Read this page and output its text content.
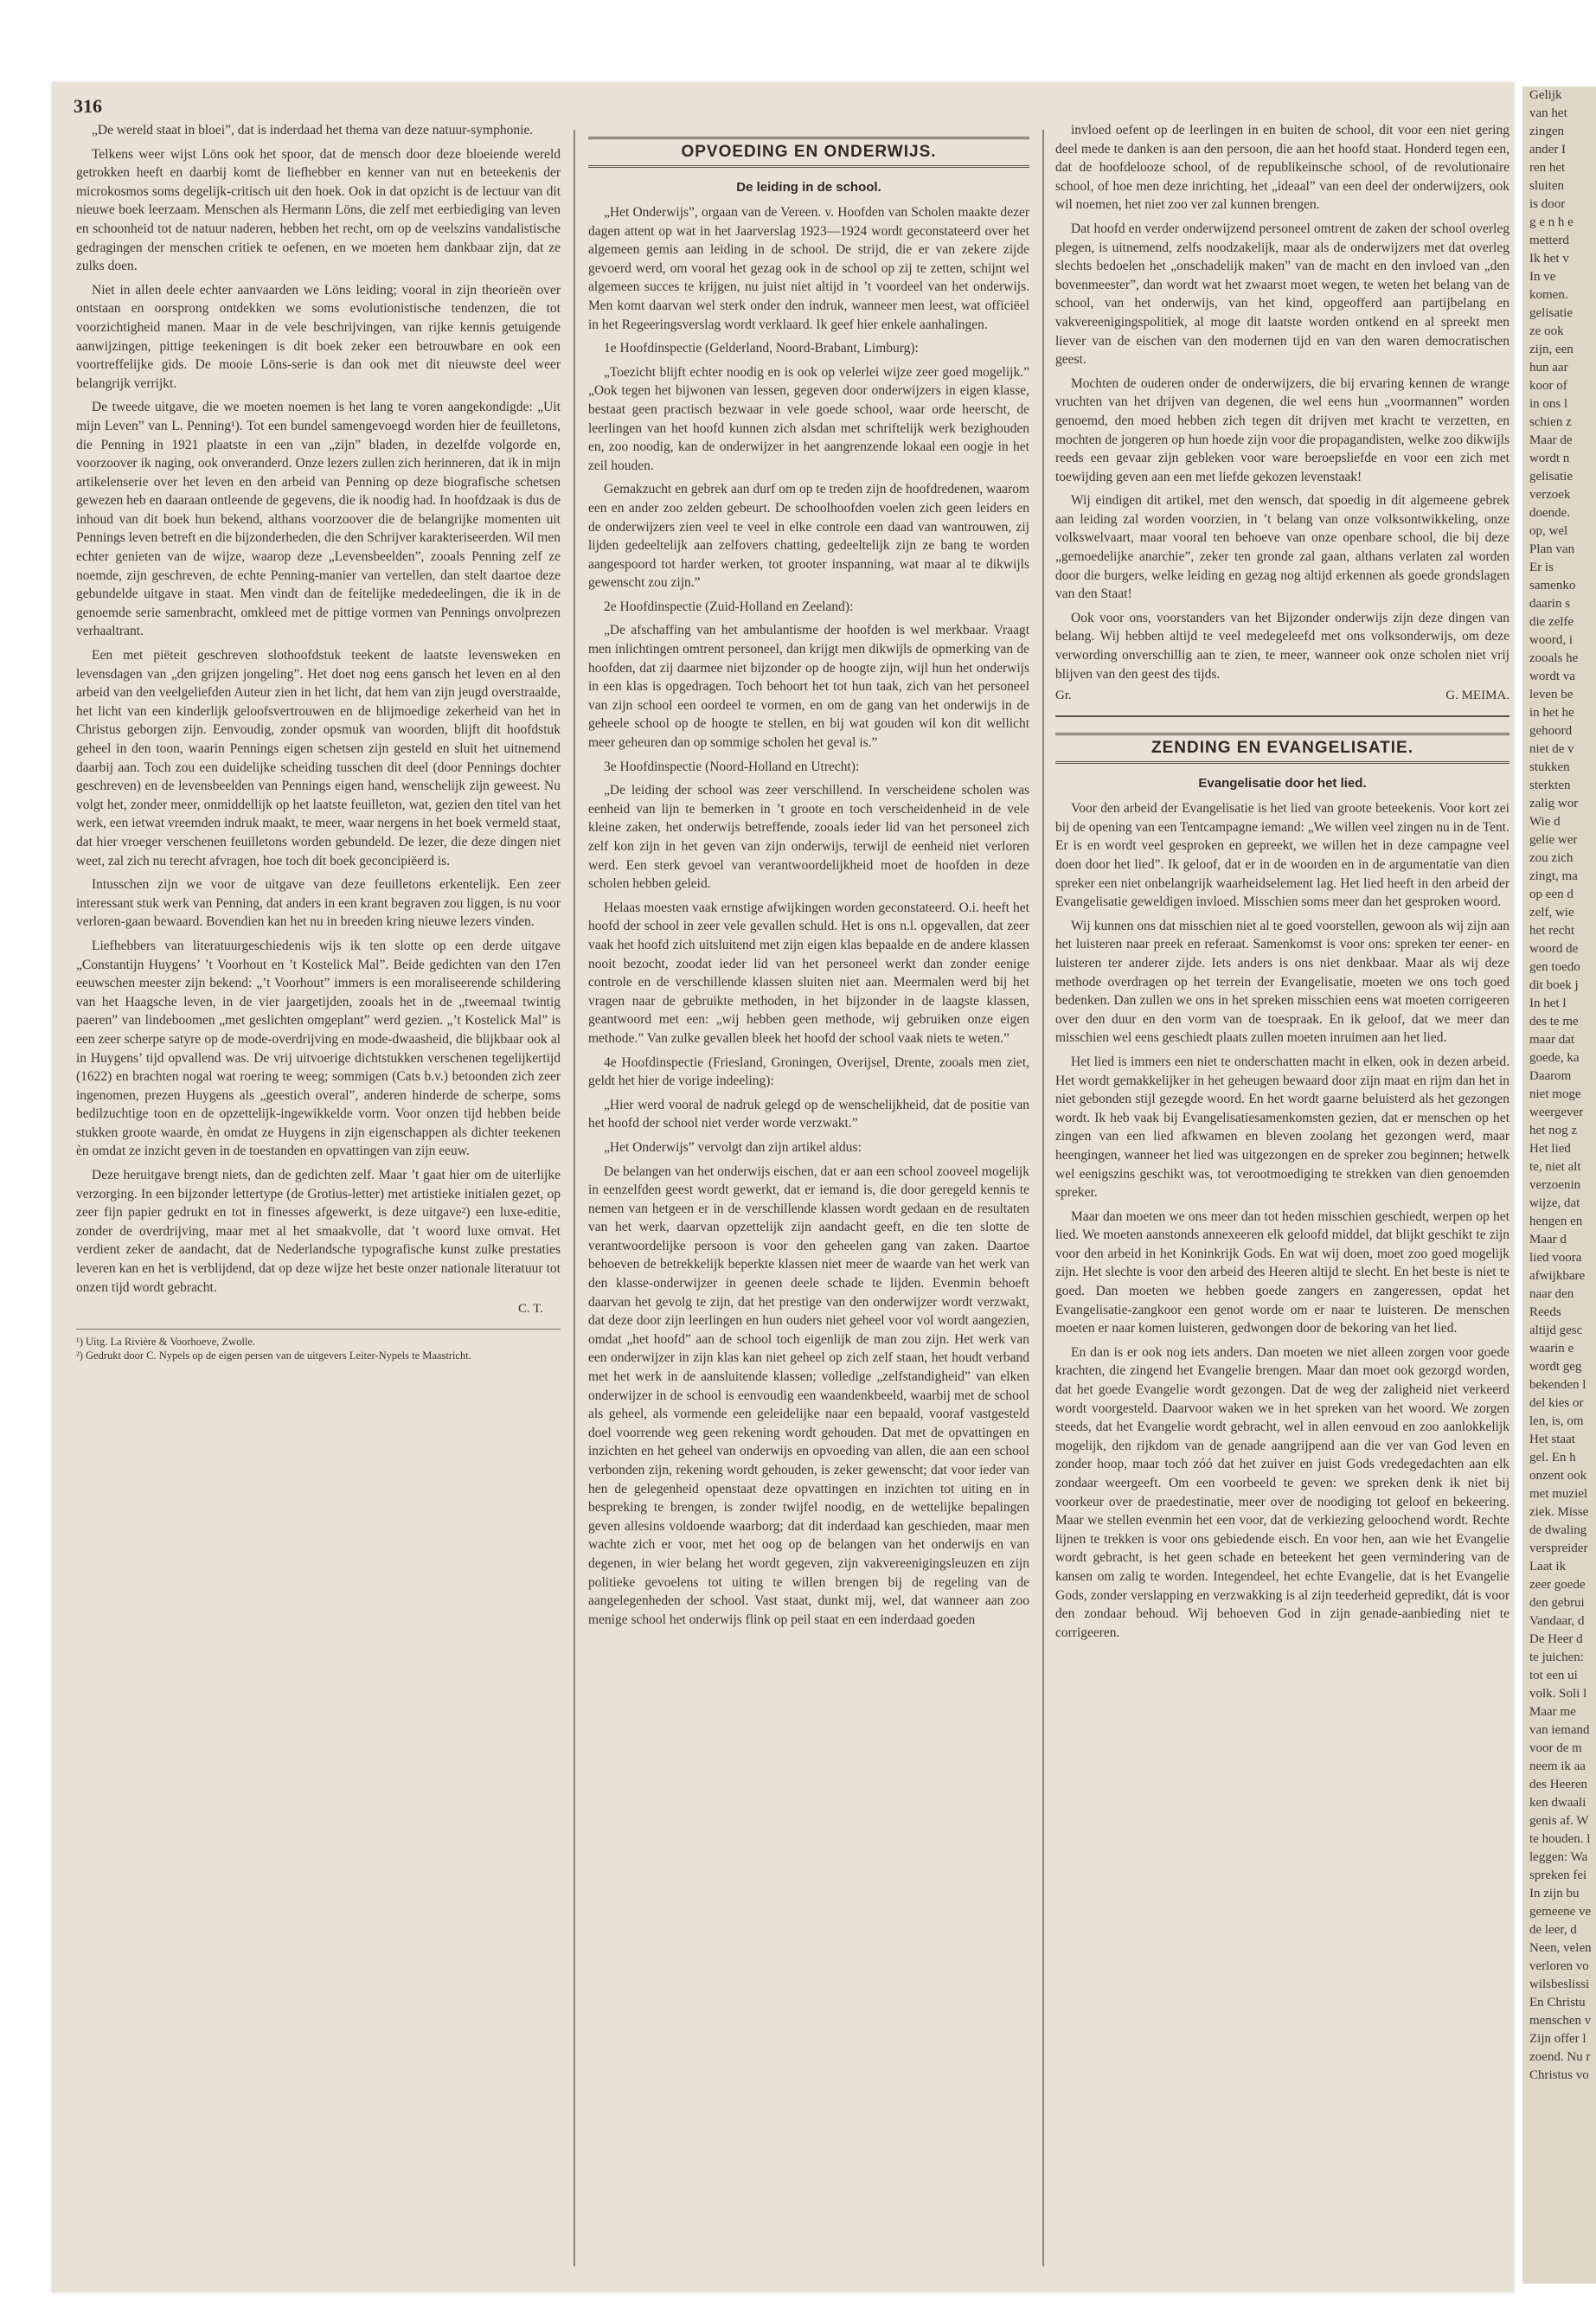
Gelijk
van het
zingen
ander I
ren het
sluiten
is door
g e n h e
metterd
Ik het v
In ve
komen.
gelisatie
ze ook
zijn, een
hun aar
koor of
in ons l
schien z
Maar de
wordt n
gelisatie
verzoek
doende.
op, wel
Plan van
Er is
samenko
daarin s
die zelfe
woord, i
zooals he
wordt va
leven be
in het he
gehoord
niet de v
stukken
sterkten
zalig wor
Wie d
gelie wer
zou zich
zingt, ma
op een d
zelf, wie
het recht
woord de
gen toedo
dit boek j
In het l
des te me
maar dat
goede, ka
Daarom
niet moge
weergever
het nog z
Het lied
te, niet alt
verzoenin
wijze, dat
hengen en
Maar d
lied voora
afwijkbare
naar den
Reeds
altijd gesc
waarin e
wordt geg
bekenden l
del kies or
len, is, om
Het staat
gel. En h
onzent ook
met muziel
ziek. Misse
de dwaling
verspreider
Laat ik
zeer goede
den gebrui
Vandaar, d
De Heer d
te juichen:
tot een ui
volk. Soli l
Maar me
van iemand
voor de m
neem ik aa
des Heeren
ken dwaali
genis af. W
te houden. l
leggen: Wa
spreken fei
In zijn bu
gemeene ve
de leer, d
Neen, velen
verloren vo
wilsbeslissi
En Christu
menschen v
Zijn offer l
zoend. Nu r
Christus vo
316

„De wereld staat in bloei”, dat is inderdaad het thema van deze natuur-symphonie.

Telkens weer wijst Löns ook het spoor, dat de mensch door deze bloeiende wereld getrokken heeft en daarbij komt de liefhebber en kenner van nut en beteekenis der microkosmos soms degelijk-critisch uit den hoek. Ook in dat opzicht is de lectuur van dit nieuwe boek leerzaam. Menschen als Hermann Löns, die zelf met eerbiediging van leven en schoonheid tot de natuur naderen, hebben het recht, om op de veelszins vandalistische gedragingen der menschen critiek te oefenen, en we moeten hem dankbaar zijn, dat ze zulks doen.

Niet in allen deele echter aanvaarden we Löns leiding; vooral in zijn theorieën over ontstaan en oorsprong ontdekken we soms evolutionistische tendenzen, die tot voorzichtigheid manen. Maar in de vele beschrijvingen, van rijke kennis getuigende aanwijzingen, pittige teekeningen is dit boek zeker een betrouwbare en ook een voortreffelijke gids. De mooie Löns-serie is dan ook met dit nieuwste deel weer belangrijk verrijkt.

De tweede uitgave, die we moeten noemen is het lang te voren aangekondigde: „Uit mijn Leven” van L. Penning¹). Tot een bundel samengevoegd worden hier de feuilletons, die Penning in 1921 plaatste in een van „zijn” bladen, in dezelfde volgorde en, voorzoover ik naging, ook onveranderd. Onze lezers zullen zich herinneren, dat ik in mijn artikelenserie over het leven en den arbeid van Penning op deze biografische schetsen gewezen heb en daaraan ontleende de gegevens, die ik noodig had. In hoofdzaak is dus de inhoud van dit boek hun bekend, althans voorzoover die de belangrijke momenten uit Pennings leven betreft en die bijzonderheden, die den Schrijver karakteriseerden. Wil men echter genieten van de wijze, waarop deze „Levensbeelden”, zooals Penning zelf ze noemde, zijn geschreven, de echte Penning-manier van vertellen, dan stelt daartoe deze gebundelde uitgave in staat. Men vindt dan de feitelijke mededeelingen, die ik in de genoemde serie samenbracht, omkleed met de pittige vormen van Pennings onvolprezen verhaaltrant.

Een met piëteit geschreven slothoofdstuk teekent de laatste levensweken en levensdagen van „den grijzen jongeling”. Het doet nog eens gansch het leven en al den arbeid van den veelgeliefden Auteur zien in het licht, dat hem van zijn jeugd overstraalde, het licht van een kinderlijk geloofsvertrouwen en de blijmoedige zekerheid van het in Christus geborgen zijn. Eenvoudig, zonder opsmuk van woorden, blijft dit hoofdstuk geheel in den toon, waarin Pennings eigen schetsen zijn gesteld en sluit het uitnemend daarbij aan. Toch zou een duidelijke scheiding tusschen dit deel (door Pennings dochter geschreven) en de levensbeelden van Pennings eigen hand, wenschelijk zijn geweest. Nu volgt het, zonder meer, onmiddellijk op het laatste feuilleton, wat, gezien den titel van het werk, een ietwat vreemden indruk maakt, te meer, waar nergens in het boek vermeld staat, dat hier vroeger verschenen feuilletons worden gebundeld. De lezer, die deze dingen niet weet, zal zich nu terecht afvragen, hoe toch dit boek geconcipiëerd is.

Intusschen zijn we voor de uitgave van deze feuilletons erkentelijk. Een zeer interessant stuk werk van Penning, dat anders in een krant begraven zou liggen, is nu voor verloren-gaan bewaard. Bovendien kan het nu in breeden kring nieuwe lezers vinden.

Liefhebbers van literatuurgeschiedenis wijs ik ten slotte op een derde uitgave „Constantijn Huygens’ ’t Voorhout en ’t Kostelick Mal”. Beide gedichten van den 17en eeuwschen meester zijn bekend: „’t Voorhout” immers is een moraliseerende schildering van het Haagsche leven, in de vier jaargetijden, zooals het in de „tweemaal twintig paeren” van lindeboomen „met geslichten omgeplant” werd gezien. „’t Kostelick Mal” is een zeer scherpe satyre op de mode-overdrijving en mode-dwaasheid, die blijkbaar ook al in Huygens’ tijd opvallend was. De vrij uitvoerige dichtstukken verschenen tegelijkertijd (1622) en brachten nogal wat roering te weeg; sommigen (Cats b.v.) betoonden zich zeer ingenomen, prezen Huygens als „geestich overal”, anderen hinderde de scherpe, soms bedilzuchtige toon en de opzettelijk-ingewikkelde vorm. Voor onzen tijd hebben beide stukken groote waarde, èn omdat ze Huygens in zijn eigenschappen als dichter teekenen èn omdat ze inzicht geven in de toestanden en opvattingen van zijn eeuw.

Deze heruitgave brengt niets, dan de gedichten zelf. Maar ’t gaat hier om de uiterlijke verzorging. In een bijzonder lettertype (de Grotius-letter) met artistieke initialen gezet, op zeer fijn papier gedrukt en tot in finesses afgewerkt, is deze uitgave²) een luxe-editie, zonder de overdrijving, maar met al het smaakvolle, dat ’t woord luxe omvat. Het verdient zeker de aandacht, dat de Nederlandsche typografische kunst zulke prestaties leveren kan en het is verblijdend, dat op deze wijze het beste onzer nationale literatuur tot onzen tijd wordt gebracht.

C. T.

¹) Uitg. La Rivière & Voorhoeve, Zwolle.

²) Gedrukt door C. Nypels op de eigen persen van de uitgevers Leiter-Nypels te Maastricht.

OPVOEDING EN ONDERWIJS.
De leiding in de school.

„Het Onderwijs”, orgaan van de Vereen. v. Hoofden van Scholen maakte dezer dagen attent op wat in het Jaarverslag 1923—1924 wordt geconstateerd over het algemeen gemis aan leiding in de school. De strijd, die er van zekere zijde gevoerd werd, om vooral het gezag ook in de school op zij te zetten, schijnt wel algemeen succes te krijgen, nu juist niet altijd in ’t voordeel van het onderwijs. Men komt daarvan wel sterk onder den indruk, wanneer men leest, wat officiëel in het Regeeringsverslag wordt verklaard. Ik geef hier enkele aanhalingen.

1e Hoofdinspectie (Gelderland, Noord-Brabant, Limburg):

„Toezicht blijft echter noodig en is ook op velerlei wijze zeer goed mogelijk.” „Ook tegen het bijwonen van lessen, gegeven door onderwijzers in eigen klasse, bestaat geen practisch bezwaar in vele goede school, waar orde heerscht, de leerlingen van het hoofd kunnen zich alsdan met schriftelijk werk bezighouden en, zoo noodig, kan de onderwijzer in het aangrenzende lokaal een oogje in het zeil houden.

Gemakzucht en gebrek aan durf om op te treden zijn de hoofdredenen, waarom een en ander zoo zelden gebeurt. De schoolhoofden voelen zich geen leiders en de onderwijzers zien veel te veel in elke controle een daad van wantrouwen, zij lijden gedeeltelijk aan zelfovers chatting, gedeeltelijk zijn ze bang te worden aangespoord tot harder werken, tot grooter inspanning, wat maar al te dikwijls gewenscht zou zijn.”

2e Hoofdinspectie (Zuid-Holland en Zeeland):

„De afschaffing van het ambulantisme der hoofden is wel merkbaar. Vraagt men inlichtingen omtrent personeel, dan krijgt men dikwijls de opmerking van de hoofden, dat zij daarmee niet bijzonder op de hoogte zijn, wijl hun het onderwijs in een klas is opgedragen. Toch behoort het tot hun taak, zich van het personeel van zijn school een oordeel te vormen, en om de gang van het onderwijs in de geheele school op de hoogte te stellen, en bij wat gouden wil kon dit wellicht meer geheuren dan op sommige scholen het geval is.”

3e Hoofdinspectie (Noord-Holland en Utrecht):

„De leiding der school was zeer verschillend. In verscheidene scholen was eenheid van lijn te bemerken in ’t groote en toch verscheidenheid in de vele kleine zaken, het onderwijs betreffende, zooals ieder lid van het personeel zich zelf kon zijn in het geven van zijn onderwijs, terwijl de eenheid niet verloren werd. Een sterk gevoel van verantwoordelijkheid moet de hoofden in deze scholen hebben geleid.

Helaas moesten vaak ernstige afwijkingen worden geconstateerd. O.i. heeft het hoofd der school in zeer vele gevallen schuld. Het is ons n.l. opgevallen, dat zeer vaak het hoofd zich uitsluitend met zijn eigen klas bepaalde en de andere klassen nooit bezocht, zoodat ieder lid van het personeel werkt dan zonder eenige controle en de verschillende klassen sluiten niet aan. Meermalen werd bij het vragen naar de gebruikte methoden, in het bijzonder in de laagste klassen, geantwoord met een: „wij hebben geen methode, wij gebruiken onze eigen methode.” Van zulke gevallen bleek het hoofd der school vaak niets te weten.”

4e Hoofdinspectie (Friesland, Groningen, Overijsel, Drente, zooals men ziet, geldt het hier de vorige indeeling):

„Hier werd vooral de nadruk gelegd op de wenschelijkheid, dat de positie van het hoofd der school niet verder worde verzwakt.”

„Het Onderwijs” vervolgt dan zijn artikel aldus:

De belangen van het onderwijs eischen, dat er aan een school zooveel mogelijk in eenzelfden geest wordt gewerkt, dat er iemand is, die door geregeld kennis te nemen van hetgeen er in de verschillende klassen wordt gedaan en de resultaten van het werk, daarvan opzettelijk zijn aandacht geeft, en die ten slotte de verantwoordelijke persoon is voor den geheelen gang van zaken. Daartoe behoeven de betrekkelijk beperkte klassen niet meer de waarde van het werk van den klasse-onderwijzer in geenen deele schade te lijden. Evenmin behoeft daarvan het gevolg te zijn, dat het prestige van den onderwijzer wordt verzwakt, dat deze door zijn leerlingen en hun ouders niet geheel voor vol wordt aangezien, omdat „het hoofd” aan de school toch eigenlijk de man zou zijn. Het werk van een onderwijzer in zijn klas kan niet geheel op zich zelf staan, het houdt verband met het werk in de aansluitende klassen; volledige „zelfstandigheid” van elken onderwijzer in de school is eenvoudig een waandenkbeeld, waarbij met de school als geheel, als vormende een geleidelijke naar een bepaald, vooraf vastgesteld doel voorrende weg geen rekening wordt gehouden. Dat met de opvattingen en inzichten en het geheel van onderwijs en opvoeding van allen, die aan een school verbonden zijn, rekening wordt gehouden, is zeker gewenscht; dat voor ieder van hen de gelegenheid openstaat deze opvattingen en inzichten tot uiting en in bespreking te brengen, is zonder twijfel noodig, en de wettelijke bepalingen geven allesins voldoende waarborg; dat dit inderdaad kan geschieden, maar men wachte zich er voor, met het oog op de belangen van het onderwijs en van degenen, in wier belang het wordt gegeven, zijn vakvereenigingsleuzen en zijn politieke gevoelens tot uiting te willen brengen bij de regeling van de aangelegenheden der school. Vast staat, dunkt mij, wel, dat wanneer aan zoo menige school het onderwijs flink op peil staat en een inderdaad goeden

invloed oefent op de leerlingen in en buiten de school, dit voor een niet gering deel mede te danken is aan den persoon, die aan het hoofd staat. Honderd tegen een, dat de hoofdelooze school, of de republikeinsche school, of de revolutionaire school, of hoe men deze inrichting, het „ideaal” van een deel der onderwijzers, ook wil noemen, het niet zoo ver zal kunnen brengen.

Dat hoofd en verder onderwijzend personeel omtrent de zaken der school overleg plegen, is uitnemend, zelfs noodzakelijk, maar als de onderwijzers met dat overleg slechts bedoelen het „onschadelijk maken” van de macht en den invloed van „den bovenmeester”, dan wordt wat het zwaarst moet wegen, te weten het belang van de school, van het onderwijs, van het kind, opgeofferd aan partijbelang en vakvereenigingspolitiek, al moge dit laatste worden ontkend en al spreekt men liever van de eischen van den modernen tijd en van den waren democratischen geest.

Mochten de ouderen onder de onderwijzers, die bij ervaring kennen de wrange vruchten van het drijven van degenen, die wel eens hun „voormannen” worden genoemd, den moed hebben zich tegen dit drijven met kracht te verzetten, en mochten de jongeren op hun hoede zijn voor die propagandisten, welke zoo dikwijls reeds een gevaar zijn gebleken voor ware beroepsliefde en voor een zich met toewijding geven aan een met liefde gekozen levenstaak!

Wij eindigen dit artikel, met den wensch, dat spoedig in dit algemeene gebrek aan leiding zal worden voorzien, in ’t belang van onze volksontwikkeling, onze volkswelvaart, maar vooral ten behoeve van onze openbare school, die bij deze „gemoedelijke anarchie”, zeker ten gronde zal gaan, althans verlaten zal worden door die burgers, welke leiding en gezag nog altijd erkennen als goede grondslagen van den Staat!

Ook voor ons, voorstanders van het Bijzonder onderwijs zijn deze dingen van belang. Wij hebben altijd te veel medegeleefd met ons volksonderwijs, om deze verwording onverschillig aan te zien, te meer, wanneer ook onze scholen niet vrij blijven van den geest des tijds.

Gr.	G. MEIMA.
ZENDING EN EVANGELISATIE.
Evangelisatie door het lied.

Voor den arbeid der Evangelisatie is het lied van groote beteekenis. Voor kort zei bij de opening van een Tentcampagne iemand: „We willen veel zingen nu in de Tent. Er is en wordt veel gesproken en gepreekt, we willen het in deze campagne veel doen door het lied”. Ik geloof, dat er in de woorden en in de argumentatie van dien spreker een niet onbelangrijk waarheidselement lag. Het lied heeft in den arbeid der Evangelisatie geweldigen invloed. Misschien soms meer dan het gesproken woord.

Wij kunnen ons dat misschien niet al te goed voorstellen, gewoon als wij zijn aan het luisteren naar preek en referaat. Samenkomst is voor ons: spreken ter eener- en luisteren ter anderer zijde. Iets anders is ons niet denkbaar. Maar als wij deze methode overdragen op het terrein der Evangelisatie, moeten we ons toch goed bedenken. Dan zullen we ons in het spreken misschien eens wat moeten corrigeeren over den duur en den vorm van de toespraak. En ik geloof, dat we meer dan misschien wel eens geschiedt plaats zullen moeten inruimen aan het lied.

Het lied is immers een niet te onderschatten macht in elken, ook in dezen arbeid. Het wordt gemakkelijker in het geheugen bewaard door zijn maat en rijm dan het in niet gebonden stijl gezegde woord. En het wordt gaarne beluisterd als het gezongen wordt. Ik heb vaak bij Evangelisatiesamenkomsten gezien, dat er menschen op het zingen van een lied afkwamen en bleven zoolang het gezongen werd, maar heengingen, wanneer het lied was uitgezongen en de spreker zou beginnen; hetwelk wel eenigszins geschikt was, tot verootmoediging te strekken van dien genoemden spreker.

Maar dan moeten we ons meer dan tot heden misschien geschiedt, werpen op het lied. We moeten aanstonds annexeeren elk geloofd middel, dat blijkt geschikt te zijn voor den arbeid in het Koninkrijk Gods. En wat wij doen, moet zoo goed mogelijk zijn. Het slechte is voor den arbeid des Heeren altijd te slecht. En het beste is niet te goed. Dan moeten we hebben goede zangers en zangeressen, opdat het Evangelisatie-zangkoor een genot worde om er naar te luisteren. De menschen moeten er naar komen luisteren, gedwongen door de bekoring van het lied.

En dan is er ook nog iets anders. Dan moeten we niet alleen zorgen voor goede krachten, die zingend het Evangelie brengen. Maar dan moet ook gezorgd worden, dat het goede Evangelie wordt gezongen. Dat de weg der zaligheid niet verkeerd wordt voorgesteld. Daarvoor waken we in het spreken van het woord. We zorgen steeds, dat het Evangelie wordt gebracht, wel in allen eenvoud en zoo aanlokkelijk mogelijk, den rijkdom van de genade aangrijpend aan die ver van God leven en zonder hoop, maar toch zóó dat het zuiver en juist Gods vredegedachten aan elk zondaar weergeeft. Om een voorbeeld te geven: we spreken denk ik niet bij voorkeur over de praedestinatie, meer over de noodiging tot geloof en bekeering. Maar we stellen evenmin het een voor, dat de verkiezing geloochend wordt. Rechte lijnen te trekken is voor ons gebiedende eisch. En voor hen, aan wie het Evangelie wordt gebracht, is het geen schade en beteekent het geen vermindering van de kansen om zalig te worden. Integendeel, het echte Evangelie, dat is het Evangelie Gods, zonder verslapping en verzwakking is al zijn teederheid gepredikt, dát is voor den zondaar behoud. Wij behoeven God in zijn genade-aanbieding niet te corrigeeren.
